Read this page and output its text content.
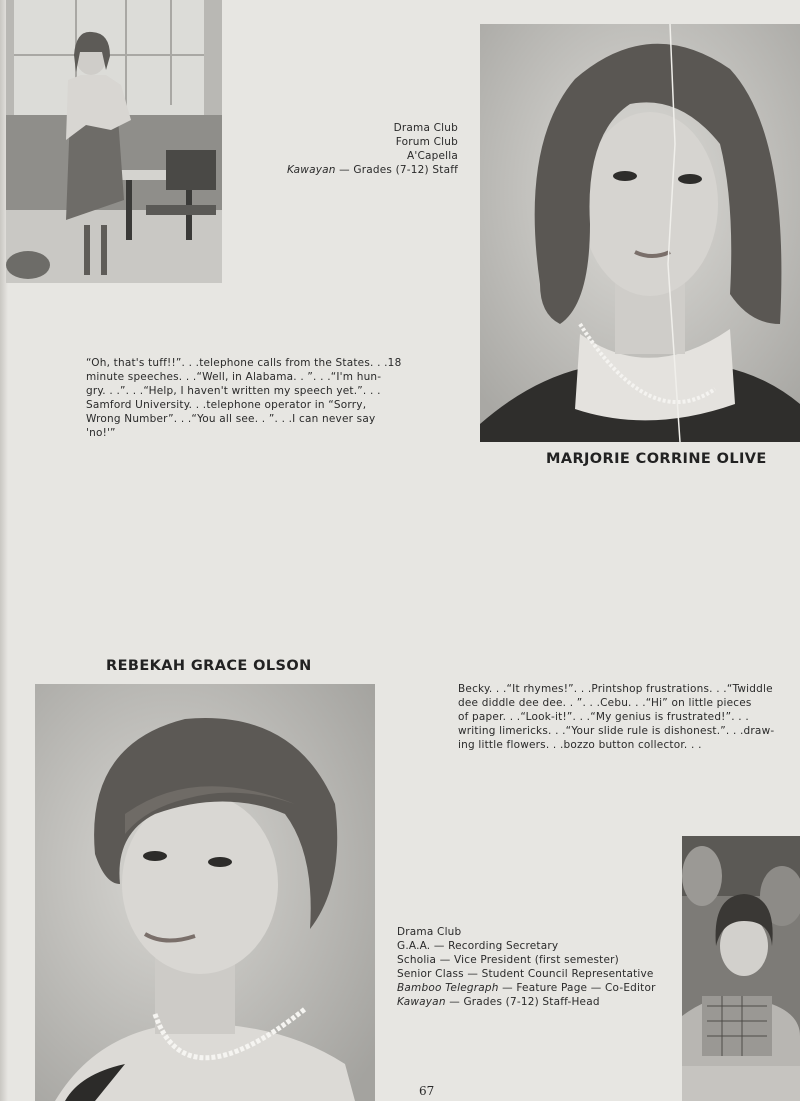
Drama Club
Forum Club
A'Capella
Kawayan — Grades (7-12) Staff
“Oh, that's tuff!!”. . .telephone calls from the States. . .18
minute speeches. . .“Well, in Alabama. . ”. . .“I'm hun-
gry. . .”. . .“Help, I haven't written my speech yet.”. . .
Samford University. . .telephone operator in “Sorry,
Wrong Number”. . .“You all see. . ”. . .I can never say
'no!'”
MARJORIE CORRINE OLIVE
REBEKAH GRACE OLSON
Becky. . .“It rhymes!”. . .Printshop frustrations. . .“Twiddle
dee diddle dee dee. . ”. . .Cebu. . .“Hi” on little pieces
of paper. . .“Look-it!”. . .“My genius is frustrated!”. . .
writing limericks. . .“Your slide rule is dishonest.”. . .draw-
ing little flowers. . .bozzo button collector. . .
Drama Club
G.A.A. — Recording Secretary
Scholia — Vice President (first semester)
Senior Class — Student Council Representative
Bamboo Telegraph — Feature Page — Co-Editor
Kawayan — Grades (7-12) Staff-Head
67
